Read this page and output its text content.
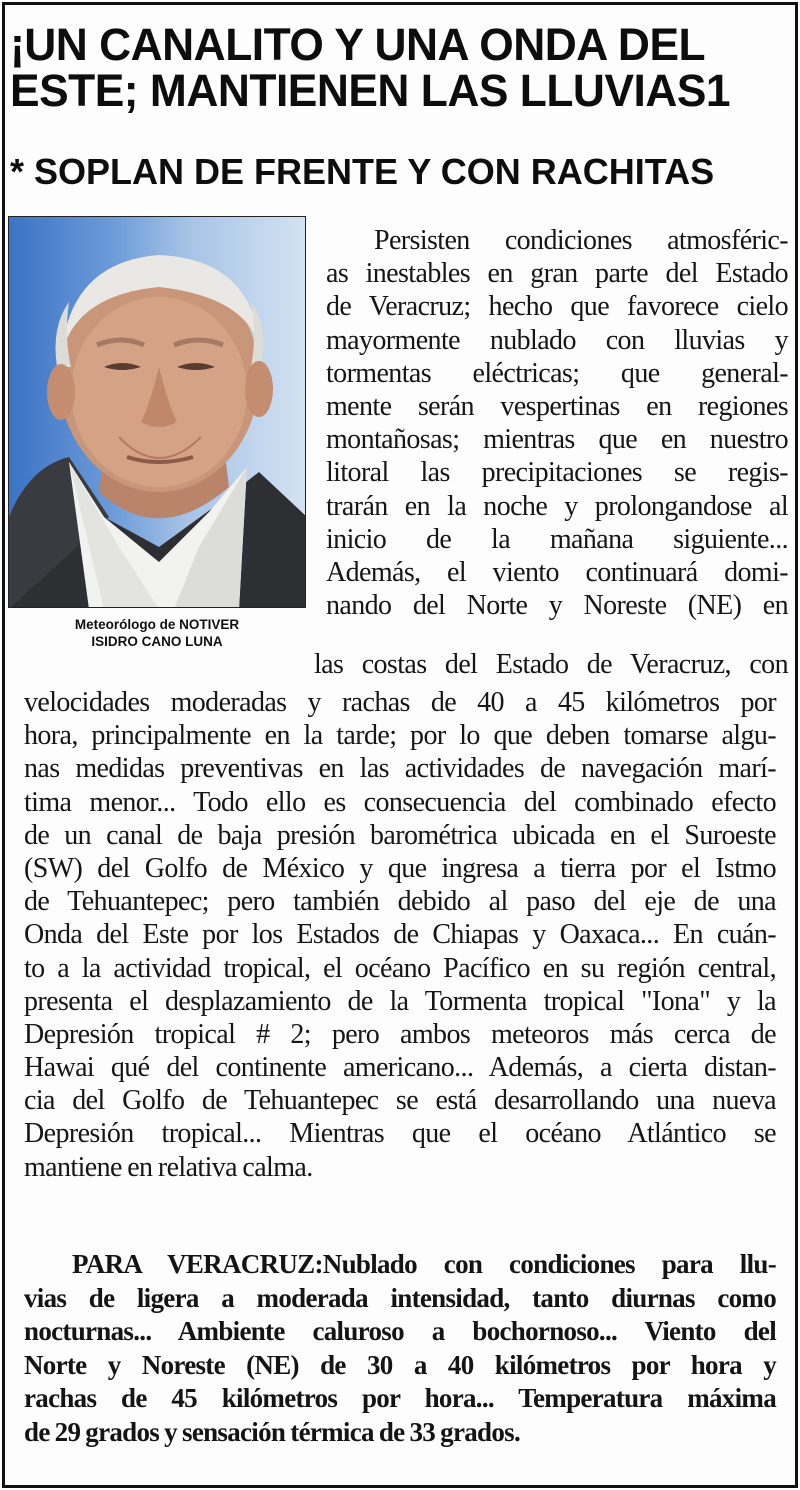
¡UN CANALITO Y UNA ONDA DEL
ESTE; MANTIENEN LAS LLUVIAS1
* SOPLAN DE FRENTE Y CON RACHITAS
Meteorólogo de NOTIVER
ISIDRO CANO LUNA
Persisten condiciones atmosféric-
as inestables en gran parte del Estado
de Veracruz; hecho que favorece cielo
mayormente nublado con lluvias y
tormentas eléctricas; que general-
mente serán vespertinas en regiones
montañosas; mientras que en nuestro
litoral las precipitaciones se regis-
trarán en la noche y prolongandose al
inicio de la mañana siguiente...
Además, el viento continuará domi-
nando del Norte y Noreste (NE) en
las costas del Estado de Veracruz, con
velocidades moderadas y rachas de 40 a 45 kilómetros por
hora, principalmente en la tarde; por lo que deben tomarse algu-
nas medidas preventivas en las actividades de navegación marí-
tima menor... Todo ello es consecuencia del combinado efecto
de un canal de baja presión barométrica ubicada en el Suroeste
(SW) del Golfo de México y que ingresa a tierra por el Istmo
de Tehuantepec; pero también debido al paso del eje de una
Onda del Este por los Estados de Chiapas y Oaxaca... En cuán-
to a la actividad tropical, el océano Pacífico en su región central,
presenta el desplazamiento de la Tormenta tropical "Iona" y la
Depresión tropical # 2; pero ambos meteoros más cerca de
Hawai qué del continente americano... Además, a cierta distan-
cia del Golfo de Tehuantepec se está desarrollando una nueva
Depresión tropical... Mientras que el océano Atlántico se
mantiene en relativa calma.
PARA VERACRUZ:Nublado con condiciones para llu-
vias de ligera a moderada intensidad, tanto diurnas como
nocturnas... Ambiente caluroso a bochornoso... Viento del
Norte y Noreste (NE) de 30 a 40 kilómetros por hora y
rachas de 45 kilómetros por hora... Temperatura máxima
de 29 grados y sensación térmica de 33 grados.
